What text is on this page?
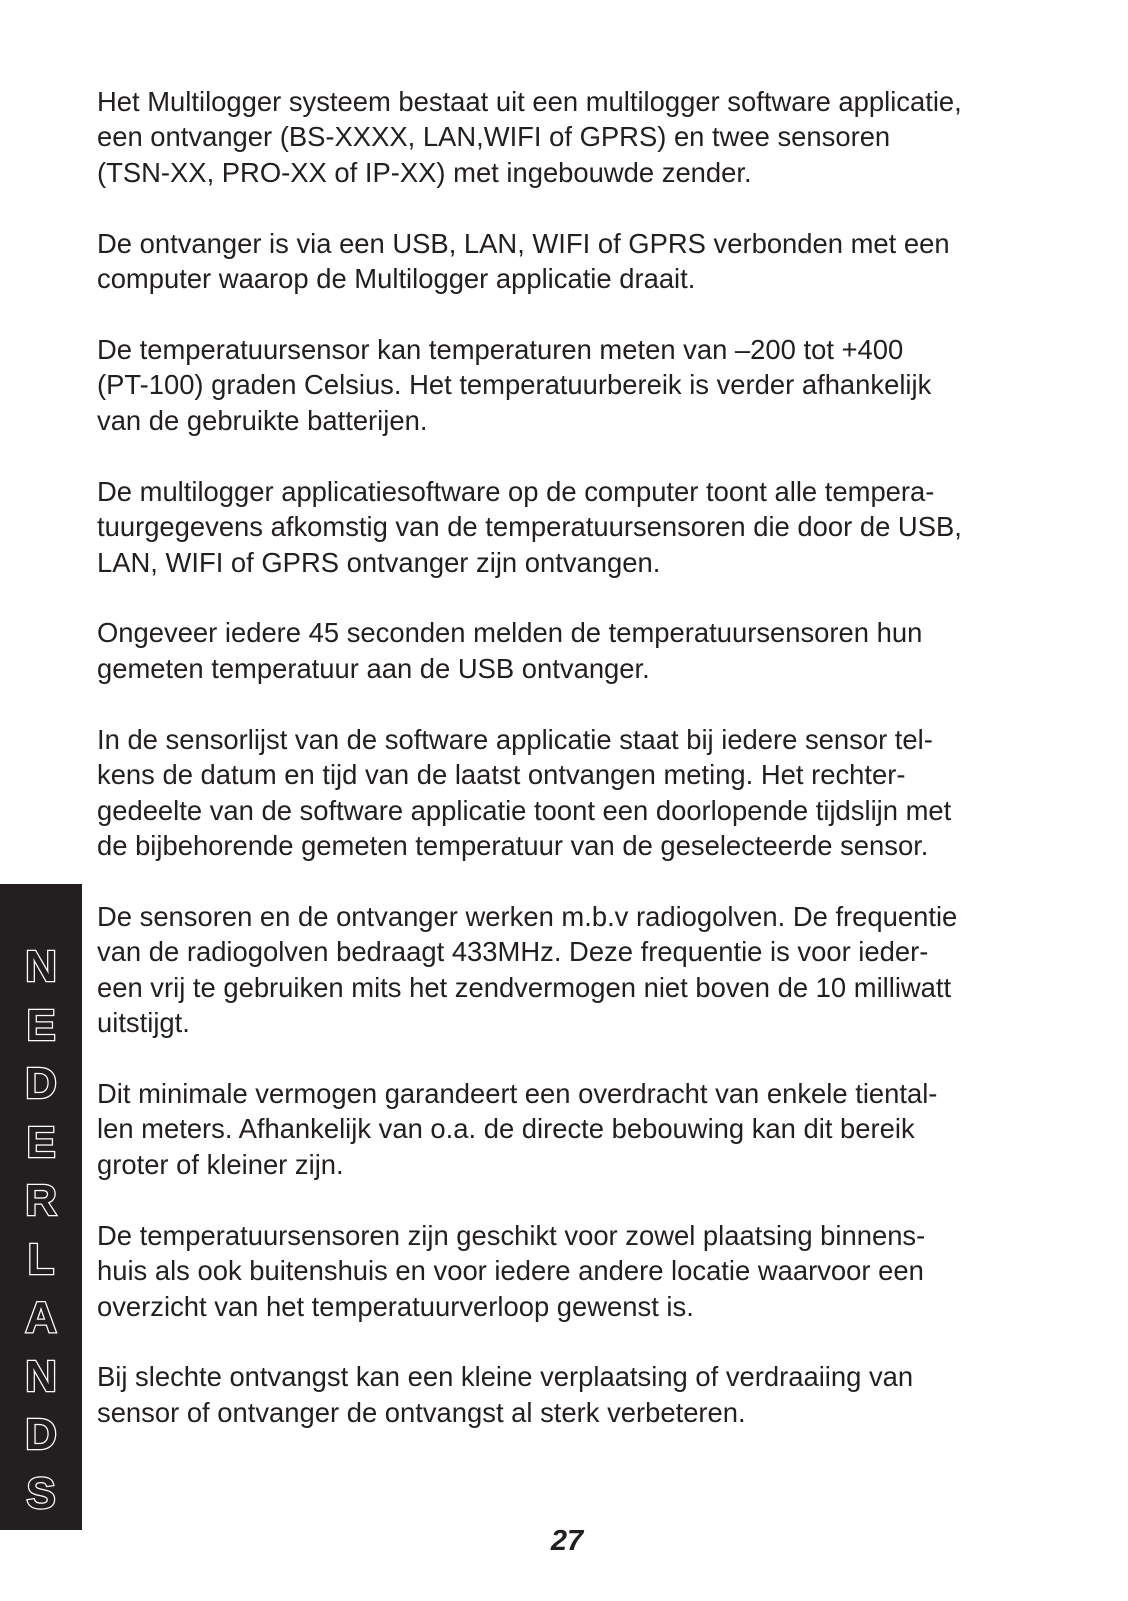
Het Multilogger systeem bestaat uit een multilogger software applicatie,
een ontvanger (BS-XXXX, LAN,WIFI of GPRS) en twee sensoren
(TSN-XX, PRO-XX of IP-XX) met ingebouwde zender.

De ontvanger is via een USB, LAN, WIFI of GPRS verbonden met een
computer waarop de Multilogger applicatie draait.

De temperatuursensor kan temperaturen meten van –200 tot +400
(PT-100) graden Celsius. Het temperatuurbereik is verder afhankelijk
van de gebruikte batterijen.

De multilogger applicatiesoftware op de computer toont alle tempera-
tuurgegevens afkomstig van de temperatuursensoren die door de USB,
LAN, WIFI of GPRS ontvanger zijn ontvangen.

Ongeveer iedere 45 seconden melden de temperatuursensoren hun
gemeten temperatuur aan de USB ontvanger.

In de sensorlijst van de software applicatie staat bij iedere sensor tel-
kens de datum en tijd van de laatst ontvangen meting. Het rechter-
gedeelte van de software applicatie toont een doorlopende tijdslijn met
de bijbehorende gemeten temperatuur van de geselecteerde sensor.

De sensoren en de ontvanger werken m.b.v radiogolven. De frequentie
van de radiogolven bedraagt 433MHz. Deze frequentie is voor ieder-
een vrij te gebruiken mits het zendvermogen niet boven de 10 milliwatt
uitstijgt.

Dit minimale vermogen garandeert een overdracht van enkele tiental-
len meters. Afhankelijk van o.a. de directe bebouwing kan dit bereik
groter of kleiner zijn.

De temperatuursensoren zijn geschikt voor zowel plaatsing binnens-
huis als ook buitenshuis en voor iedere andere locatie waarvoor een
overzicht van het temperatuurverloop gewenst is.

Bij slechte ontvangst kan een kleine verplaatsing of verdraaiing van
sensor of ontvanger de ontvangst al sterk verbeteren.

N
E
D
E
R
L
A
N
D
S
27
